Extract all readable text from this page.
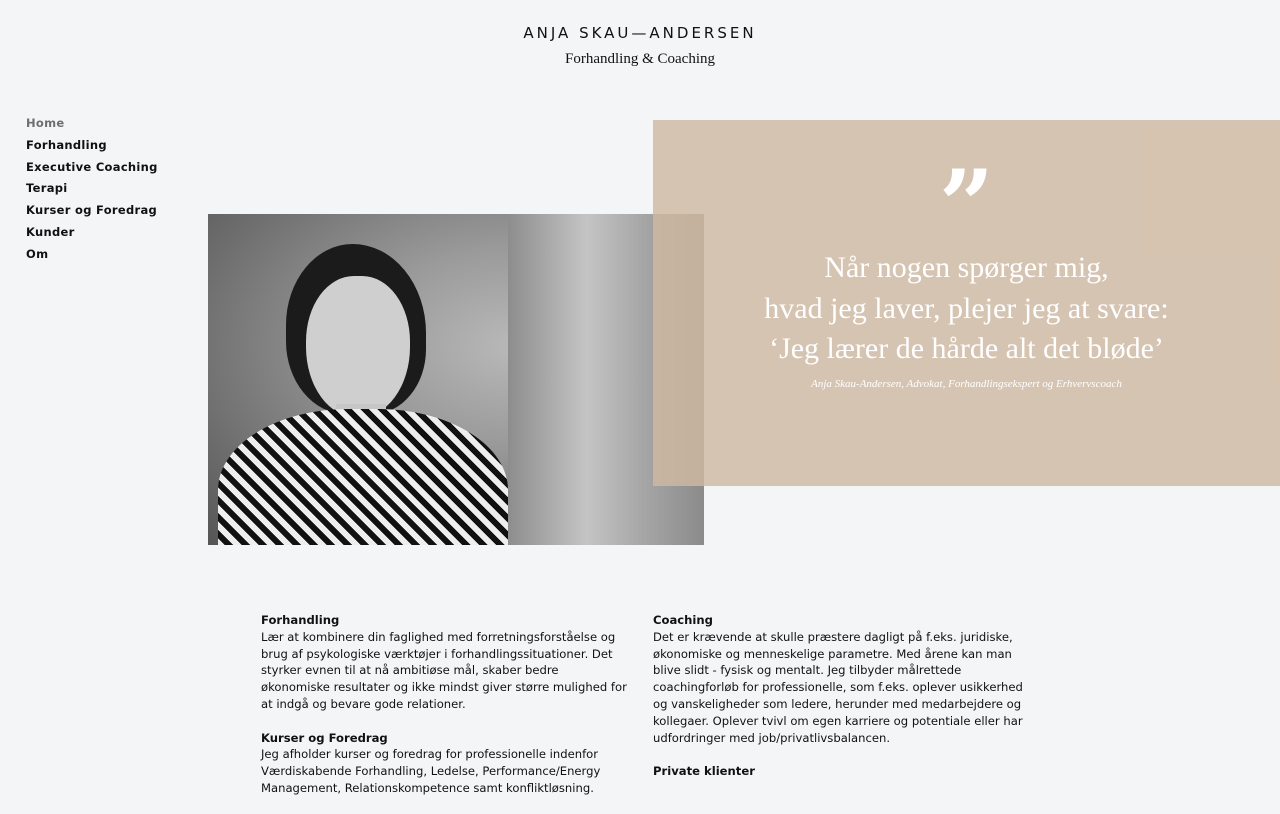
ANJA SKAU—ANDERSEN
Forhandling & Coaching
Home
Forhandling
Executive Coaching
Terapi
Kurser og Foredrag
Kunder
Om	”
Når nogen spørger mig,
hvad jeg laver, plejer jeg at svare:
‘Jeg lærer de hårde alt det bløde’
Anja Skau-Andersen, Advokat, Forhandlingsekspert og Erhvervscoach
Forhandling

Lær at kombinere din faglighed med forretningsforståelse og brug af psykologiske værktøjer i forhandlingssituationer. Det styrker evnen til at nå ambitiøse mål, skaber bedre økonomiske resultater og ikke mindst giver større mulighed for at indgå og bevare gode relationer.

Kurser og Foredrag

Jeg afholder kurser og foredrag for professionelle indenfor Værdiskabende Forhandling, Ledelse, Performance/Energy Management, Relationskompetence samt konfliktløsning.

Coaching

Det er krævende at skulle præstere dagligt på f.eks. juridiske, økonomiske og menneskelige parametre. Med årene kan man blive slidt - fysisk og mentalt. Jeg tilbyder målrettede coachingforløb for professionelle, som f.eks. oplever usikkerhed og vanskeligheder som ledere, herunder med medarbejdere og kollegaer. Oplever tvivl om egen karriere og potentiale eller har udfordringer med job/privatlivsbalancen.

Private klienter
